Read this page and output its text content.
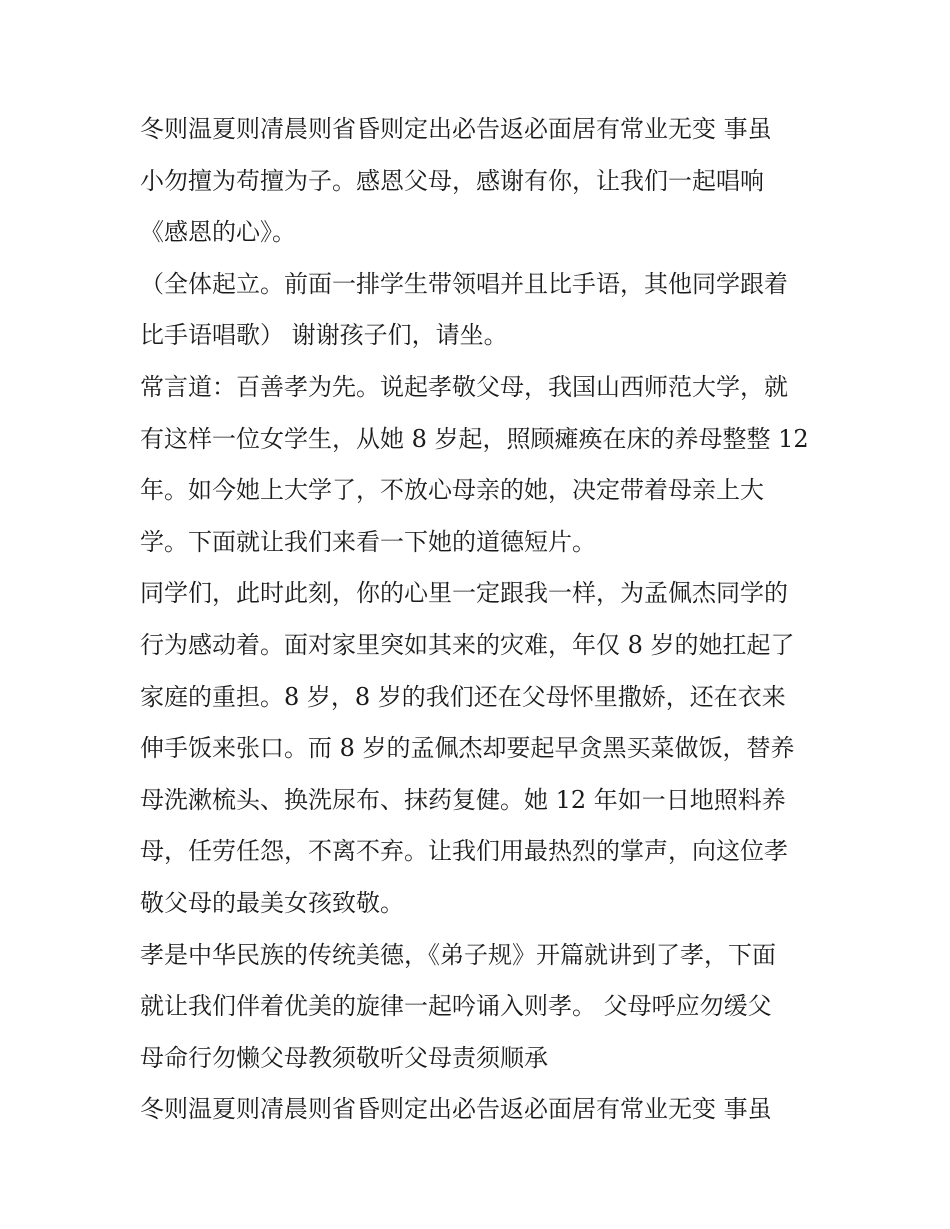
冬则温夏则凊晨则省昏则定出必告返必面居有常业无变 事虽
小勿擅为苟擅为子。感恩父母，感谢有你，让我们一起唱响
《感恩的心》。
（全体起立。前面一排学生带领唱并且比手语，其他同学跟着
比手语唱歌） 谢谢孩子们，请坐。
常言道：百善孝为先。说起孝敬父母，我国山西师范大学，就
有这样一位女学生，从她 8 岁起，照顾瘫痪在床的养母整整 12
年。如今她上大学了，不放心母亲的她，决定带着母亲上大
学。下面就让我们来看一下她的道德短片。
同学们，此时此刻，你的心里一定跟我一样，为孟佩杰同学的
行为感动着。面对家里突如其来的灾难，年仅 8 岁的她扛起了
家庭的重担。8 岁，8 岁的我们还在父母怀里撒娇，还在衣来
伸手饭来张口。而 8 岁的孟佩杰却要起早贪黑买菜做饭，替养
母洗漱梳头、换洗尿布、抹药复健。她 12 年如一日地照料养
母，任劳任怨，不离不弃。让我们用最热烈的掌声，向这位孝
敬父母的最美女孩致敬。
孝是中华民族的传统美德，《弟子规》开篇就讲到了孝，下面
就让我们伴着优美的旋律一起吟诵入则孝。 父母呼应勿缓父
母命行勿懒父母教须敬听父母责须顺承
冬则温夏则凊晨则省昏则定出必告返必面居有常业无变 事虽
